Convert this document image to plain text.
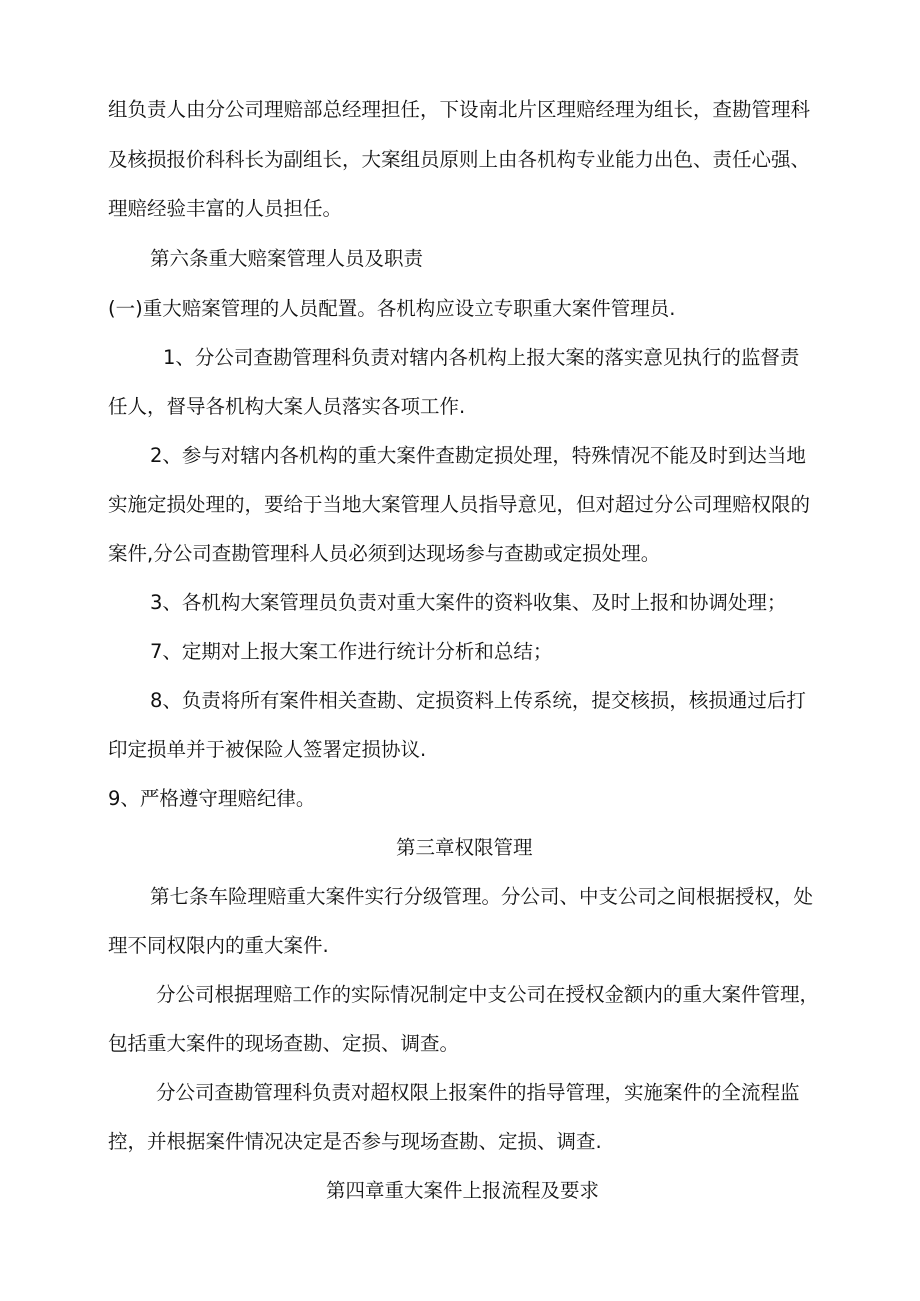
组负责人由分公司理赔部总经理担任，下设南北片区理赔经理为组长，查勘管理科
及核损报价科科长为副组长，大案组员原则上由各机构专业能力出色、责任心强、
理赔经验丰富的人员担任。
第六条重大赔案管理人员及职责
(一)重大赔案管理的人员配置。各机构应设立专职重大案件管理员.
1、分公司查勘管理科负责对辖内各机构上报大案的落实意见执行的监督责
任人，督导各机构大案人员落实各项工作.
2、参与对辖内各机构的重大案件查勘定损处理，特殊情况不能及时到达当地
实施定损处理的，要给于当地大案管理人员指导意见，但对超过分公司理赔权限的
案件,分公司查勘管理科人员必须到达现场参与查勘或定损处理。
3、各机构大案管理员负责对重大案件的资料收集、及时上报和协调处理；
7、定期对上报大案工作进行统计分析和总结；
8、负责将所有案件相关查勘、定损资料上传系统，提交核损，核损通过后打
印定损单并于被保险人签署定损协议.
9、严格遵守理赔纪律。
第三章权限管理
第七条车险理赔重大案件实行分级管理。分公司、中支公司之间根据授权，处
理不同权限内的重大案件.
分公司根据理赔工作的实际情况制定中支公司在授权金额内的重大案件管理，
包括重大案件的现场查勘、定损、调查。
分公司查勘管理科负责对超权限上报案件的指导管理，实施案件的全流程监
控，并根据案件情况决定是否参与现场查勘、定损、调查.
第四章重大案件上报流程及要求
